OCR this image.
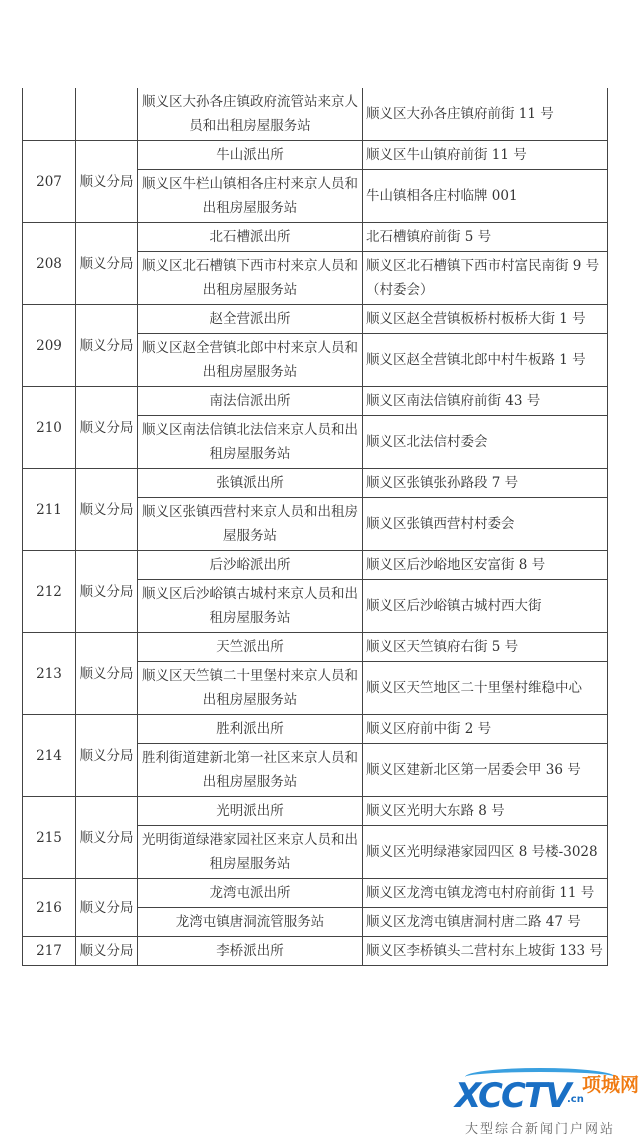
		顺义区大孙各庄镇政府流管站来京人员和出租房屋服务站	顺义区大孙各庄镇府前街 11 号
207	顺义分局	牛山派出所	顺义区牛山镇府前街 11 号
		顺义区牛栏山镇相各庄村来京人员和出租房屋服务站	牛山镇相各庄村临牌 001
208	顺义分局	北石槽派出所	北石槽镇府前街 5 号
		顺义区北石槽镇下西市村来京人员和出租房屋服务站	顺义区北石槽镇下西市村富民南街 9 号（村委会）
209	顺义分局	赵全营派出所	顺义区赵全营镇板桥村板桥大街 1 号
		顺义区赵全营镇北郎中村来京人员和出租房屋服务站	顺义区赵全营镇北郎中村牛板路 1 号
210	顺义分局	南法信派出所	顺义区南法信镇府前街 43 号
		顺义区南法信镇北法信来京人员和出租房屋服务站	顺义区北法信村委会
211	顺义分局	张镇派出所	顺义区张镇张孙路段 7 号
		顺义区张镇西营村来京人员和出租房屋服务站	顺义区张镇西营村村委会
212	顺义分局	后沙峪派出所	顺义区后沙峪地区安富街 8 号
		顺义区后沙峪镇古城村来京人员和出租房屋服务站	顺义区后沙峪镇古城村西大街
213	顺义分局	天竺派出所	顺义区天竺镇府右街 5 号
		顺义区天竺镇二十里堡村来京人员和出租房屋服务站	顺义区天竺地区二十里堡村维稳中心
214	顺义分局	胜利派出所	顺义区府前中街 2 号
		胜利街道建新北第一社区来京人员和出租房屋服务站	顺义区建新北区第一居委会甲 36 号
215	顺义分局	光明派出所	顺义区光明大东路 8 号
		光明街道绿港家园社区来京人员和出租房屋服务站	顺义区光明绿港家园四区 8 号楼-3028
216	顺义分局	龙湾屯派出所	顺义区龙湾屯镇龙湾屯村府前街 11 号
		龙湾屯镇唐洞流管服务站	顺义区龙湾屯镇唐洞村唐二路 47 号
217	顺义分局	李桥派出所	顺义区李桥镇头二营村东上坡街 133 号
XCCTV
.cn
项城网
大型综合新闻门户网站
